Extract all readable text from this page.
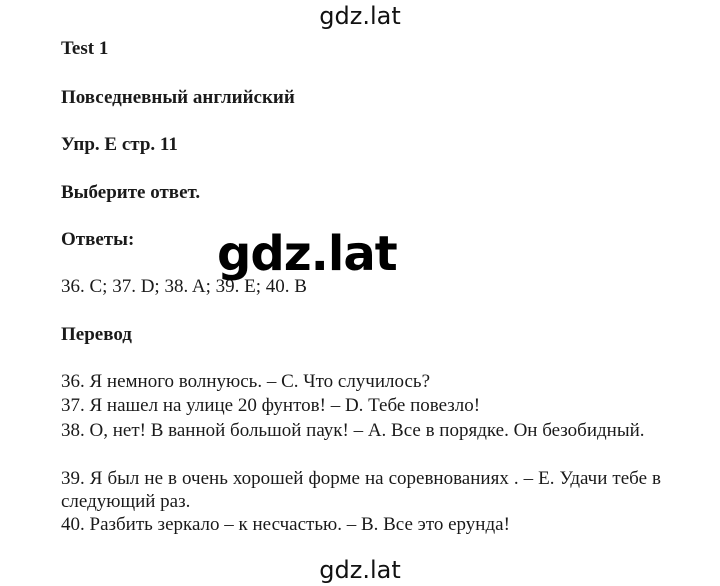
gdz.lat
Test 1
Повседневный английский
Упр. E стр. 11
Выберите ответ.
Ответы:
36. C; 37. D; 38. A; 39. E; 40. B
Перевод
36. Я немного волнуюсь. – C. Что случилось?
37. Я нашел на улице 20 фунтов! – D. Тебе повезло!
38. О, нет! В ванной большой паук! – А. Все в порядке. Он безобидный.
39. Я был не в очень хорошей форме на соревнованиях . – E. Удачи тебе в следующий раз.
40. Разбить зеркало – к несчастью. – B. Все это ерунда!
gdz.lat
gdz.lat
